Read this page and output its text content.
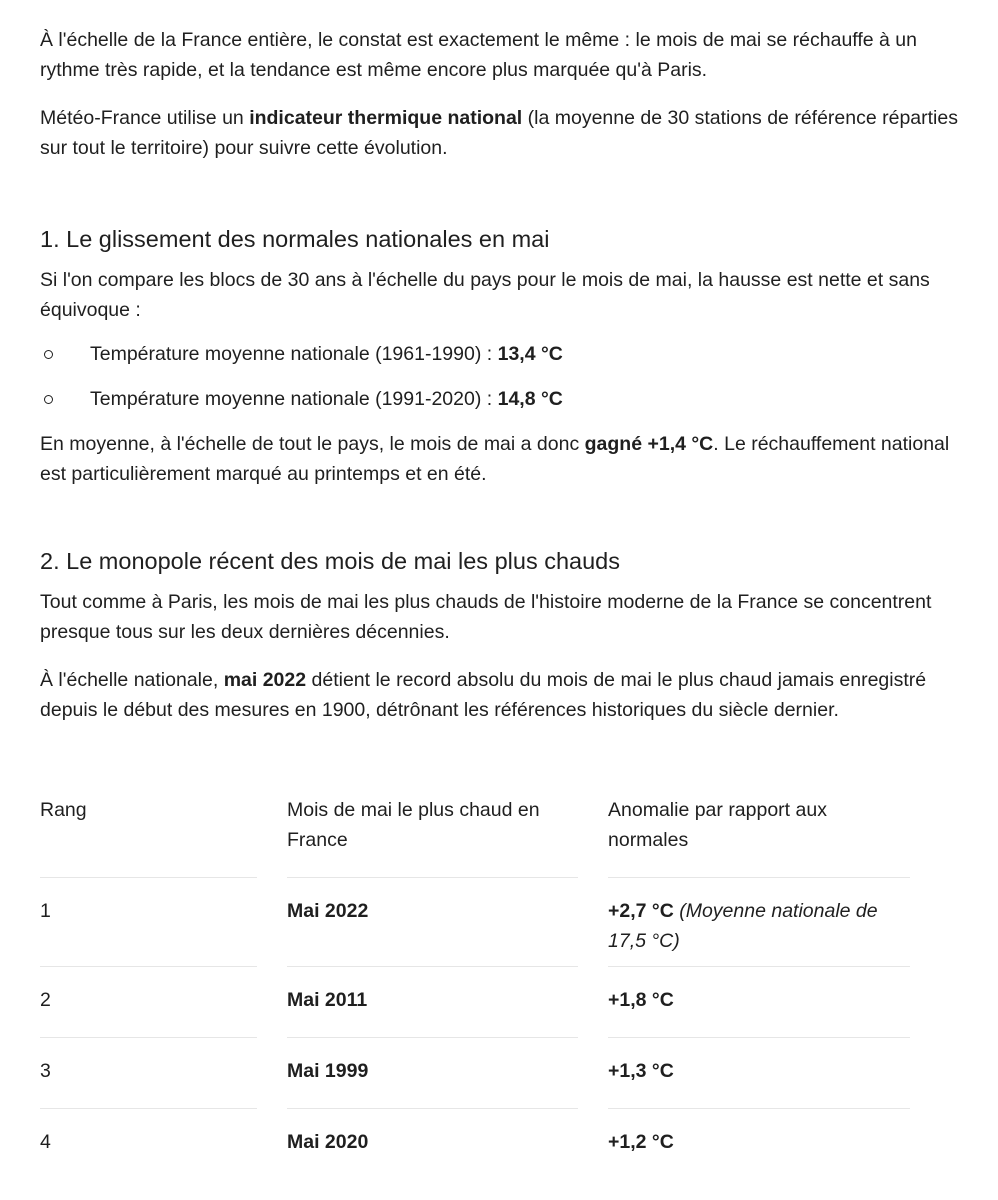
À l'échelle de la France entière, le constat est exactement le même : le mois de mai se réchauffe à un rythme très rapide, et la tendance est même encore plus marquée qu'à Paris.

Météo-France utilise un indicateur thermique national (la moyenne de 30 stations de référence réparties sur tout le territoire) pour suivre cette évolution.

1. Le glissement des normales nationales en mai

Si l'on compare les blocs de 30 ans à l'échelle du pays pour le mois de mai, la hausse est nette et sans équivoque :

Température moyenne nationale (1961-1990) : 13,4 °C
Température moyenne nationale (1991-2020) : 14,8 °C

En moyenne, à l'échelle de tout le pays, le mois de mai a donc gagné +1,4 °C. Le réchauffement national est particulièrement marqué au printemps et en été.

2. Le monopole récent des mois de mai les plus chauds

Tout comme à Paris, les mois de mai les plus chauds de l'histoire moderne de la France se concentrent presque tous sur les deux dernières décennies.

À l'échelle nationale, mai 2022 détient le record absolu du mois de mai le plus chaud jamais enregistré depuis le début des mesures en 1900, détrônant les références historiques du siècle dernier.

Rang		Mois de mai le plus chaud en France		Anomalie par rapport aux normales

1		Mai 2022		+2,7 °C (Moyenne nationale de 17,5 °C)

2		Mai 2011		+1,8 °C

3		Mai 1999		+1,3 °C

4		Mai 2020		+1,2 °C
